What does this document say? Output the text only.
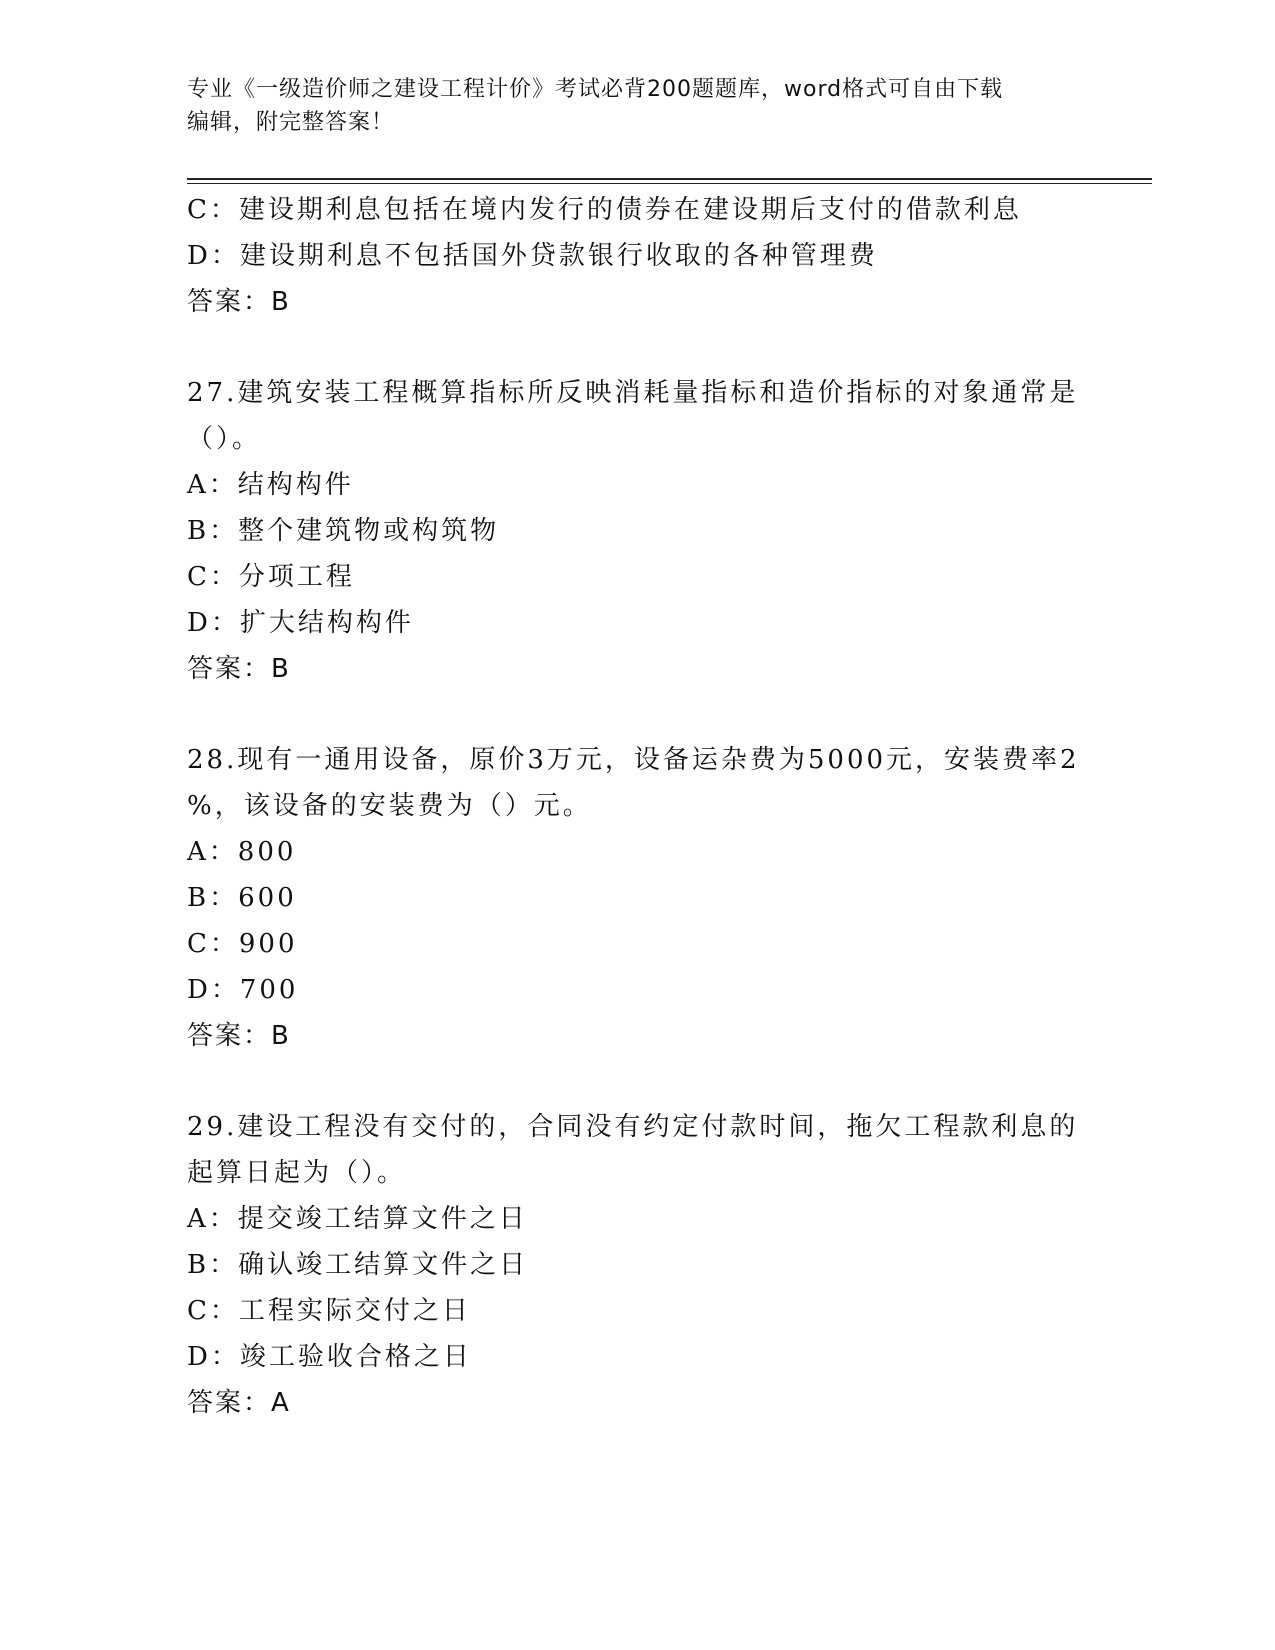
专业《一级造价师之建设工程计价》考试必背200题题库，word格式可自由下载
编辑，附完整答案！
C：建设期利息包括在境内发行的债券在建设期后支付的借款利息
D：建设期利息不包括国外贷款银行收取的各种管理费
答案：B
27.建筑安装工程概算指标所反映消耗量指标和造价指标的对象通常是
（）。
A：结构构件
B：整个建筑物或构筑物
C：分项工程
D：扩大结构构件
答案：B
28.现有一通用设备，原价3万元，设备运杂费为5000元，安装费率2
%，该设备的安装费为（）元。
A：800
B：600
C：900
D：700
答案：B
29.建设工程没有交付的，合同没有约定付款时间，拖欠工程款利息的
起算日起为（）。
A：提交竣工结算文件之日
B：确认竣工结算文件之日
C：工程实际交付之日
D：竣工验收合格之日
答案：A
